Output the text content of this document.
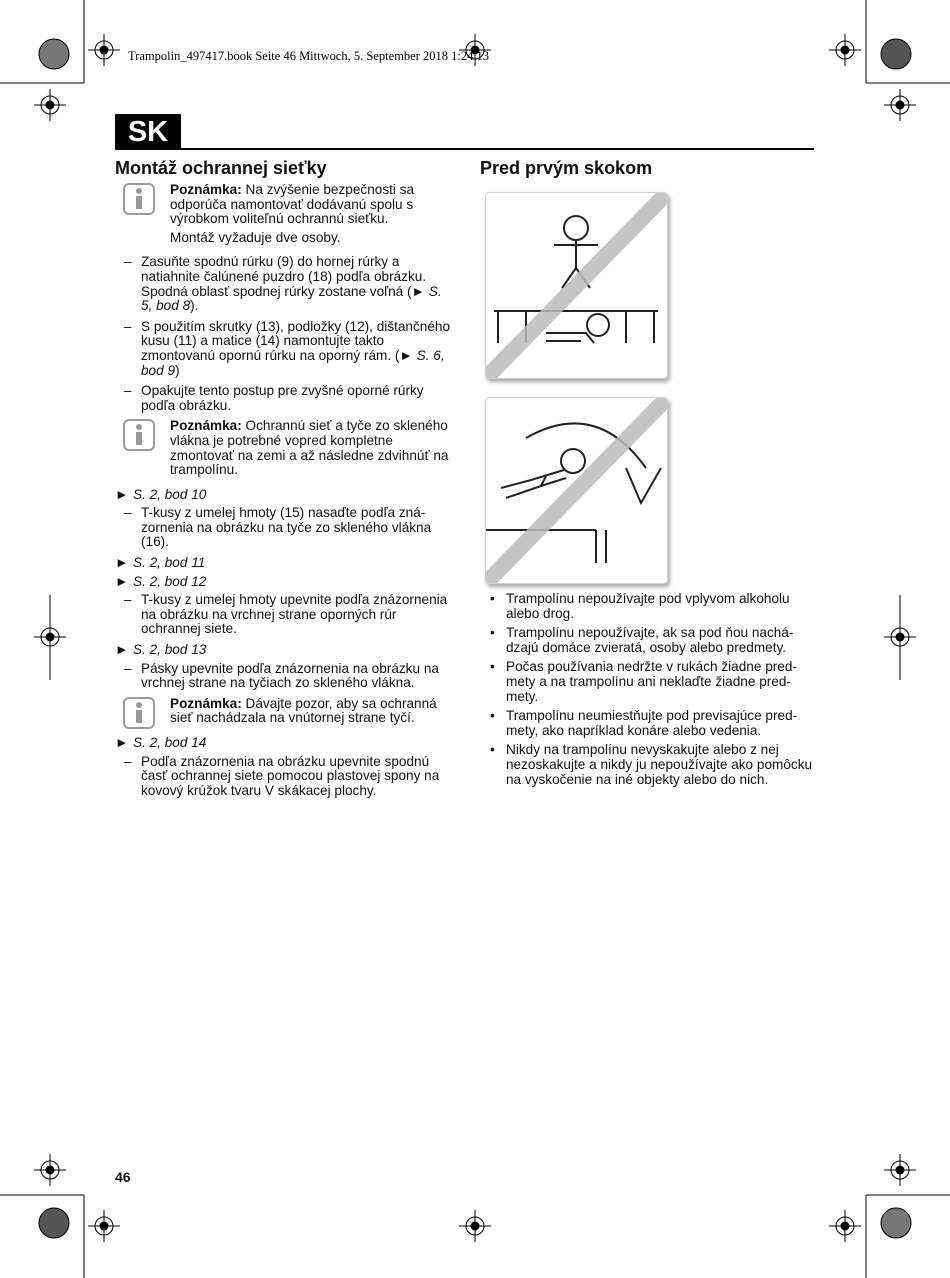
Trampolin_497417.book Seite 46 Mittwoch, 5. September 2018 1:24 13
SK
Montáž ochrannej sieťky

Poznámka: Na zvýšenie bezpečnosti sa odporúča namontovať dodávanú spolu s výrobkom voliteľnú ochrannú sieťku.

Montáž vyžaduje dve osoby.

– Zasuňte spodnú rúrku (9) do hornej rúrky a natiahnite čalúnené puzdro (18) podľa obrázku. Spodná oblasť spodnej rúrky zostane voľná (► S. 5, bod 8).
– S použitím skrutky (13), podložky (12), dištančného kusu (11) a matice (14) namontujte takto zmontovanú opornú rúrku na oporný rám. (► S. 6, bod 9)
– Opakujte tento postup pre zvyšné oporné rúrky podľa obrázku.

Poznámka: Ochrannú sieť a tyče zo skleného vlákna je potrebné vopred kompletne zmontovať na zemi a až následne zdvihnúť na trampolínu.

► S. 2, bod 10
– T-kusy z umelej hmoty (15) nasaďte podľa znázornenia na obrázku na tyče zo skleného vlákna (16).
► S. 2, bod 11
► S. 2, bod 12
– T-kusy z umelej hmoty upevnite podľa znázornenia na obrázku na vrchnej strane oporných rúr ochrannej siete.
► S. 2, bod 13
– Pásky upevnite podľa znázornenia na obrázku na vrchnej strane na tyčiach zo skleného vlákna.

Poznámka: Dávajte pozor, aby sa ochranná sieť nachádzala na vnútornej strane tyčí.

► S. 2, bod 14
– Podľa znázornenia na obrázku upevnite spodnú časť ochrannej siete pomocou plastovej spony na kovový krúžok tvaru V skákacej plochy.
Pred prvým skokom
• Trampolínu nepoužívajte pod vplyvom alkoholu alebo drog.
• Trampolínu nepoužívajte, ak sa pod ňou nachádzajú domáce zvieratá, osoby alebo predmety.
• Počas používania nedržte v rukách žiadne predmety a na trampolínu ani neklaďte žiadne predmety.
• Trampolínu neumiestňujte pod previsajúce predmety, ako napríklad konáre alebo vedenia.
• Nikdy na trampolínu nevyskakujte alebo z nej nezoskakujte a nikdy ju nepoužívajte ako pomôcku na vyskočenie na iné objekty alebo do nich.
46
